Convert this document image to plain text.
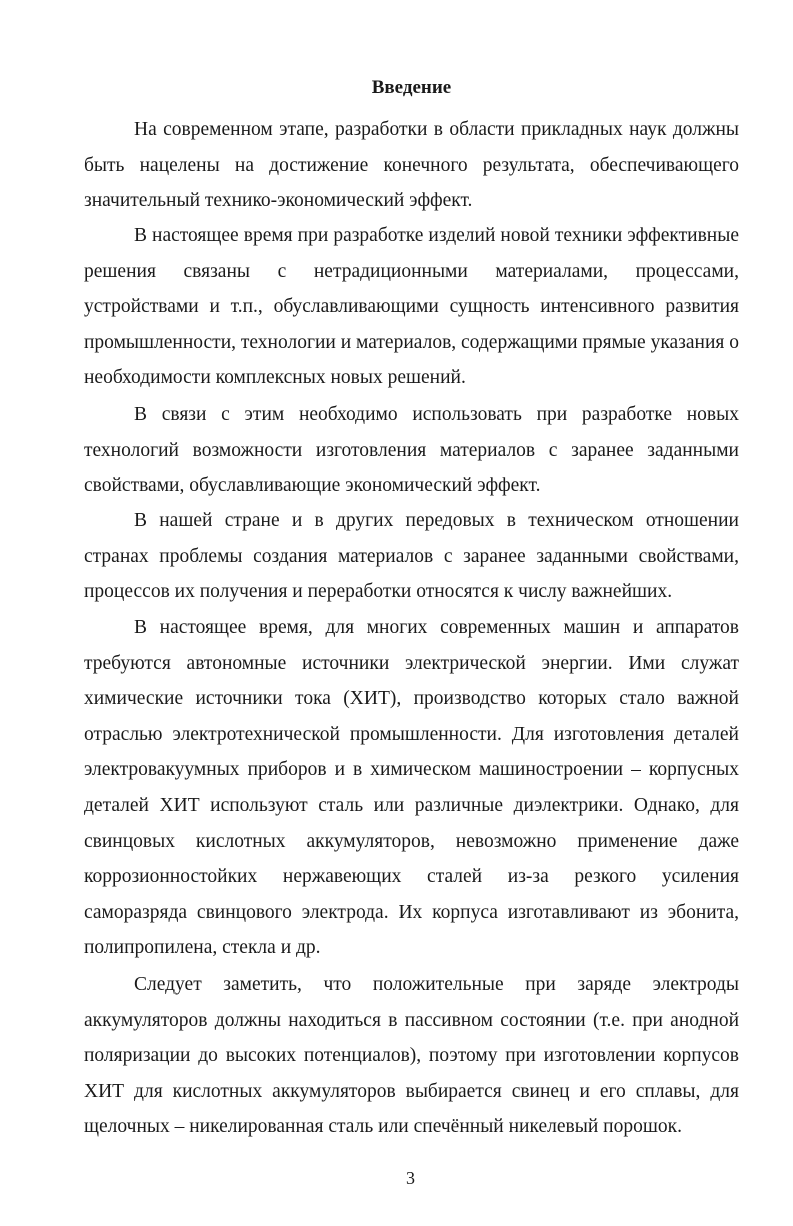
Введение

На современном этапе, разработки в области прикладных наук должны быть нацелены на достижение конечного результата, обеспечивающего значительный технико-экономический эффект.

В настоящее время при разработке изделий новой техники эффективные решения связаны с нетрадиционными материалами, процессами, устройствами и т.п., обуславливающими сущность интенсивного развития промышленности, технологии и материалов, содержащими прямые указания о необходимости комплексных новых решений.

В связи с этим необходимо использовать при разработке новых технологий возможности изготовления материалов с заранее заданными свойствами, обуславливающие экономический эффект.

В нашей стране и в других передовых в техническом отношении странах проблемы создания материалов с заранее заданными свойствами, процессов их получения и переработки относятся к числу важнейших.

В настоящее время, для многих современных машин и аппаратов требуются автономные источники электрической энергии. Ими служат химические источники тока (ХИТ), производство которых стало важной отраслью электротехнической промышленности. Для изготовления деталей электровакуумных приборов и в химическом машиностроении – корпусных деталей ХИТ используют сталь или различные диэлектрики. Однако, для свинцовых кислотных аккумуляторов, невозможно применение даже коррозионностойких нержавеющих сталей из-за резкого усиления саморазряда свинцового электрода. Их корпуса изготавливают из эбонита, полипропилена, стекла и др.

Следует заметить, что положительные при заряде электроды аккумуляторов должны находиться в пассивном состоянии (т.е. при анодной поляризации до высоких потенциалов), поэтому при изготовлении корпусов ХИТ для кислотных аккумуляторов выбирается свинец и его сплавы, для щелочных – никелированная сталь или спечённый никелевый порошок.

3
